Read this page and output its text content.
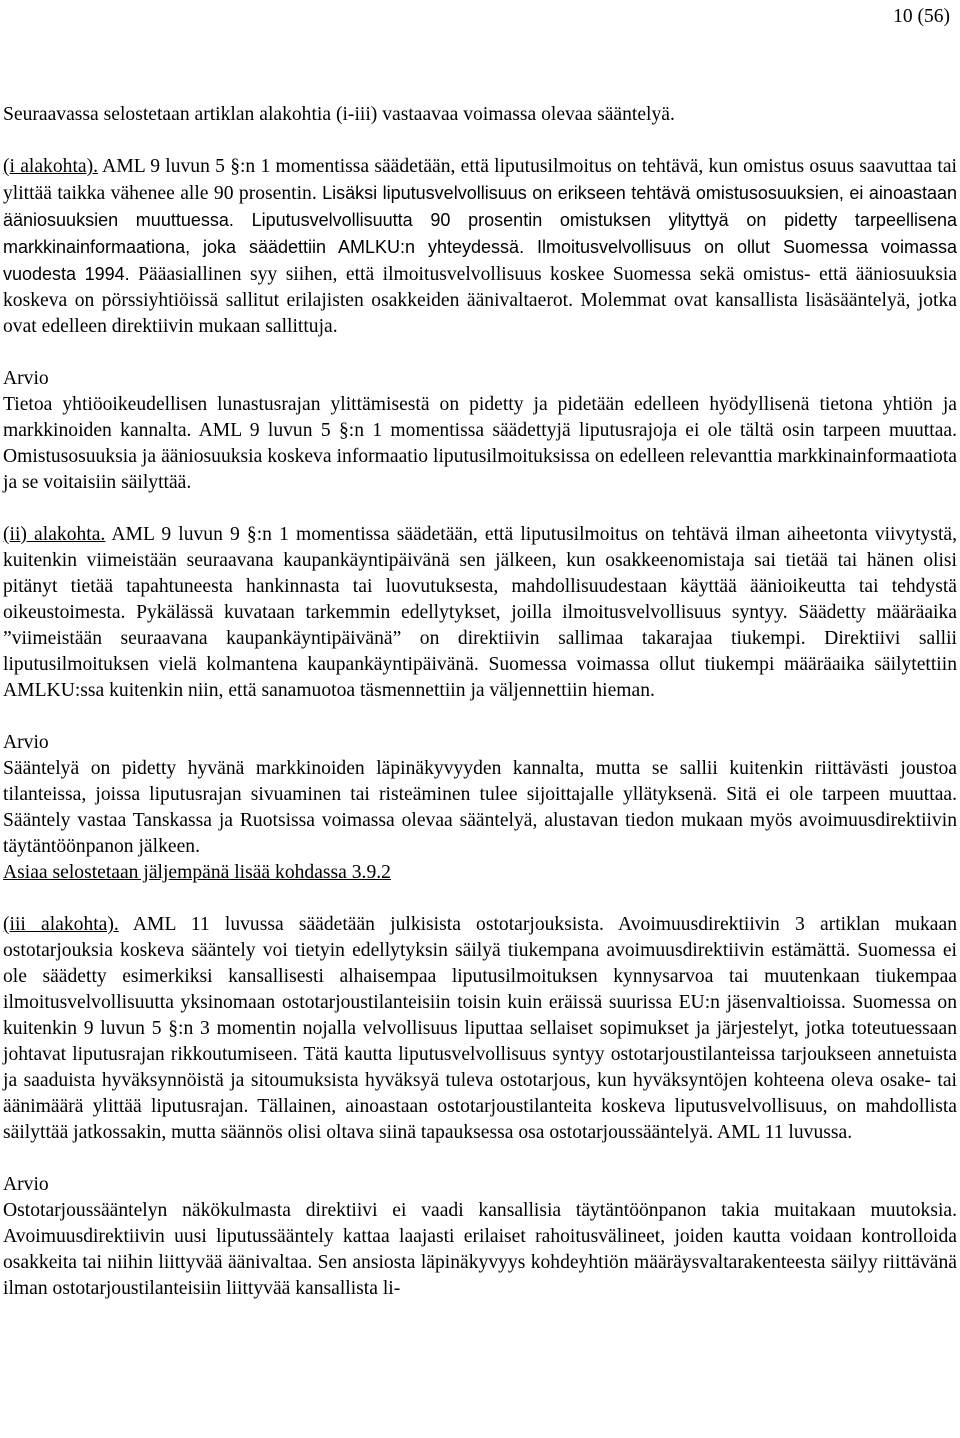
10 (56)

Seuraavassa selostetaan artiklan alakohtia (i-iii) vastaavaa voimassa olevaa sääntelyä.

(i alakohta). AML 9 luvun 5 §:n 1 momentissa säädetään, että liputusilmoitus on tehtävä, kun omistus osuus saavuttaa tai ylittää taikka vähenee alle 90 prosentin. Lisäksi liputusvelvollisuus on erikseen tehtävä omistusosuuksien, ei ainoastaan ääniosuuksien muuttuessa. Liputusvelvollisuutta 90 prosentin omistuksen ylityttyä on pidetty tarpeellisena markkinainformaationa, joka säädettiin AMLKU:n yhteydessä. Ilmoitusvelvollisuus on ollut Suomessa voimassa vuodesta 1994. Pääasiallinen syy siihen, että ilmoitusvelvollisuus koskee Suomessa sekä omistus- että ääniosuuksia koskeva on pörssiyhtiöissä sallitut erilajisten osakkeiden äänivaltaerot. Molemmat ovat kansallista lisäsääntelyä, jotka ovat edelleen direktiivin mukaan sallittuja.

Arvio
Tietoa yhtiöoikeudellisen lunastusrajan ylittämisestä on pidetty ja pidetään edelleen hyödyllisenä tietona yhtiön ja markkinoiden kannalta. AML 9 luvun 5 §:n 1 momentissa säädettyjä liputusrajoja ei ole tältä osin tarpeen muuttaa. Omistusosuuksia ja ääniosuuksia koskeva informaatio liputusilmoituksissa on edelleen relevanttia markkinainformaatiota ja se voitaisiin säilyttää.

(ii) alakohta. AML 9 luvun 9 §:n 1 momentissa säädetään, että liputusilmoitus on tehtävä ilman aiheetonta viivytystä, kuitenkin viimeistään seuraavana kaupankäyntipäivänä sen jälkeen, kun osakkeenomistaja sai tietää tai hänen olisi pitänyt tietää tapahtuneesta hankinnasta tai luovutuksesta, mahdollisuudestaan käyttää äänioikeutta tai tehdystä oikeustoimesta. Pykälässä kuvataan tarkemmin edellytykset, joilla ilmoitusvelvollisuus syntyy. Säädetty määräaika ”viimeistään seuraavana kaupankäyntipäivänä” on direktiivin sallimaa takarajaa tiukempi. Direktiivi sallii liputusilmoituksen vielä kolmantena kaupankäyntipäivänä. Suomessa voimassa ollut tiukempi määräaika säilytettiin AMLKU:ssa kuitenkin niin, että sanamuotoa täsmennettiin ja väljennettiin hieman.

Arvio
Sääntelyä on pidetty hyvänä markkinoiden läpinäkyvyyden kannalta, mutta se sallii kuitenkin riittävästi joustoa tilanteissa, joissa liputusrajan sivuaminen tai risteäminen tulee sijoittajalle yllätyksenä. Sitä ei ole tarpeen muuttaa. Sääntely vastaa Tanskassa ja Ruotsissa voimassa olevaa sääntelyä, alustavan tiedon mukaan myös avoimuusdirektiivin täytäntöönpanon jälkeen.
Asiaa selostetaan jäljempänä lisää kohdassa 3.9.2

(iii alakohta). AML 11 luvussa säädetään julkisista ostotarjouksista. Avoimuusdirektiivin 3 artiklan mukaan ostotarjouksia koskeva sääntely voi tietyin edellytyksin säilyä tiukempana avoimuusdirektiivin estämättä. Suomessa ei ole säädetty esimerkiksi kansallisesti alhaisempaa liputusilmoituksen kynnysarvoa tai muutenkaan tiukempaa ilmoitusvelvollisuutta yksinomaan ostotarjoustilanteisiin toisin kuin eräissä suurissa EU:n jäsenvaltioissa. Suomessa on kuitenkin 9 luvun 5 §:n 3 momentin nojalla velvollisuus liputtaa sellaiset sopimukset ja järjestelyt, jotka toteutuessaan johtavat liputusrajan rikkoutumiseen. Tätä kautta liputusvelvollisuus syntyy ostotarjoustilanteissa tarjoukseen annetuista ja saaduista hyväksynnöistä ja sitoumuksista hyväksyä tuleva ostotarjous, kun hyväksyntöjen kohteena oleva osake- tai äänimäärä ylittää liputusrajan. Tällainen, ainoastaan ostotarjoustilanteita koskeva liputusvelvollisuus, on mahdollista säilyttää jatkossakin, mutta säännös olisi oltava siinä tapauksessa osa ostotarjoussääntelyä. AML 11 luvussa.

Arvio
Ostotarjoussääntelyn näkökulmasta direktiivi ei vaadi kansallisia täytäntöönpanon takia muitakaan muutoksia. Avoimuusdirektiivin uusi liputussääntely kattaa laajasti erilaiset rahoitusvälineet, joiden kautta voidaan kontrolloida osakkeita tai niihin liittyvää äänivaltaa. Sen ansiosta läpinäkyvyys kohdeyhtiön määräysvaltarakenteesta säilyy riittävänä ilman ostotarjoustilanteisiin liittyvää kansallista li-
